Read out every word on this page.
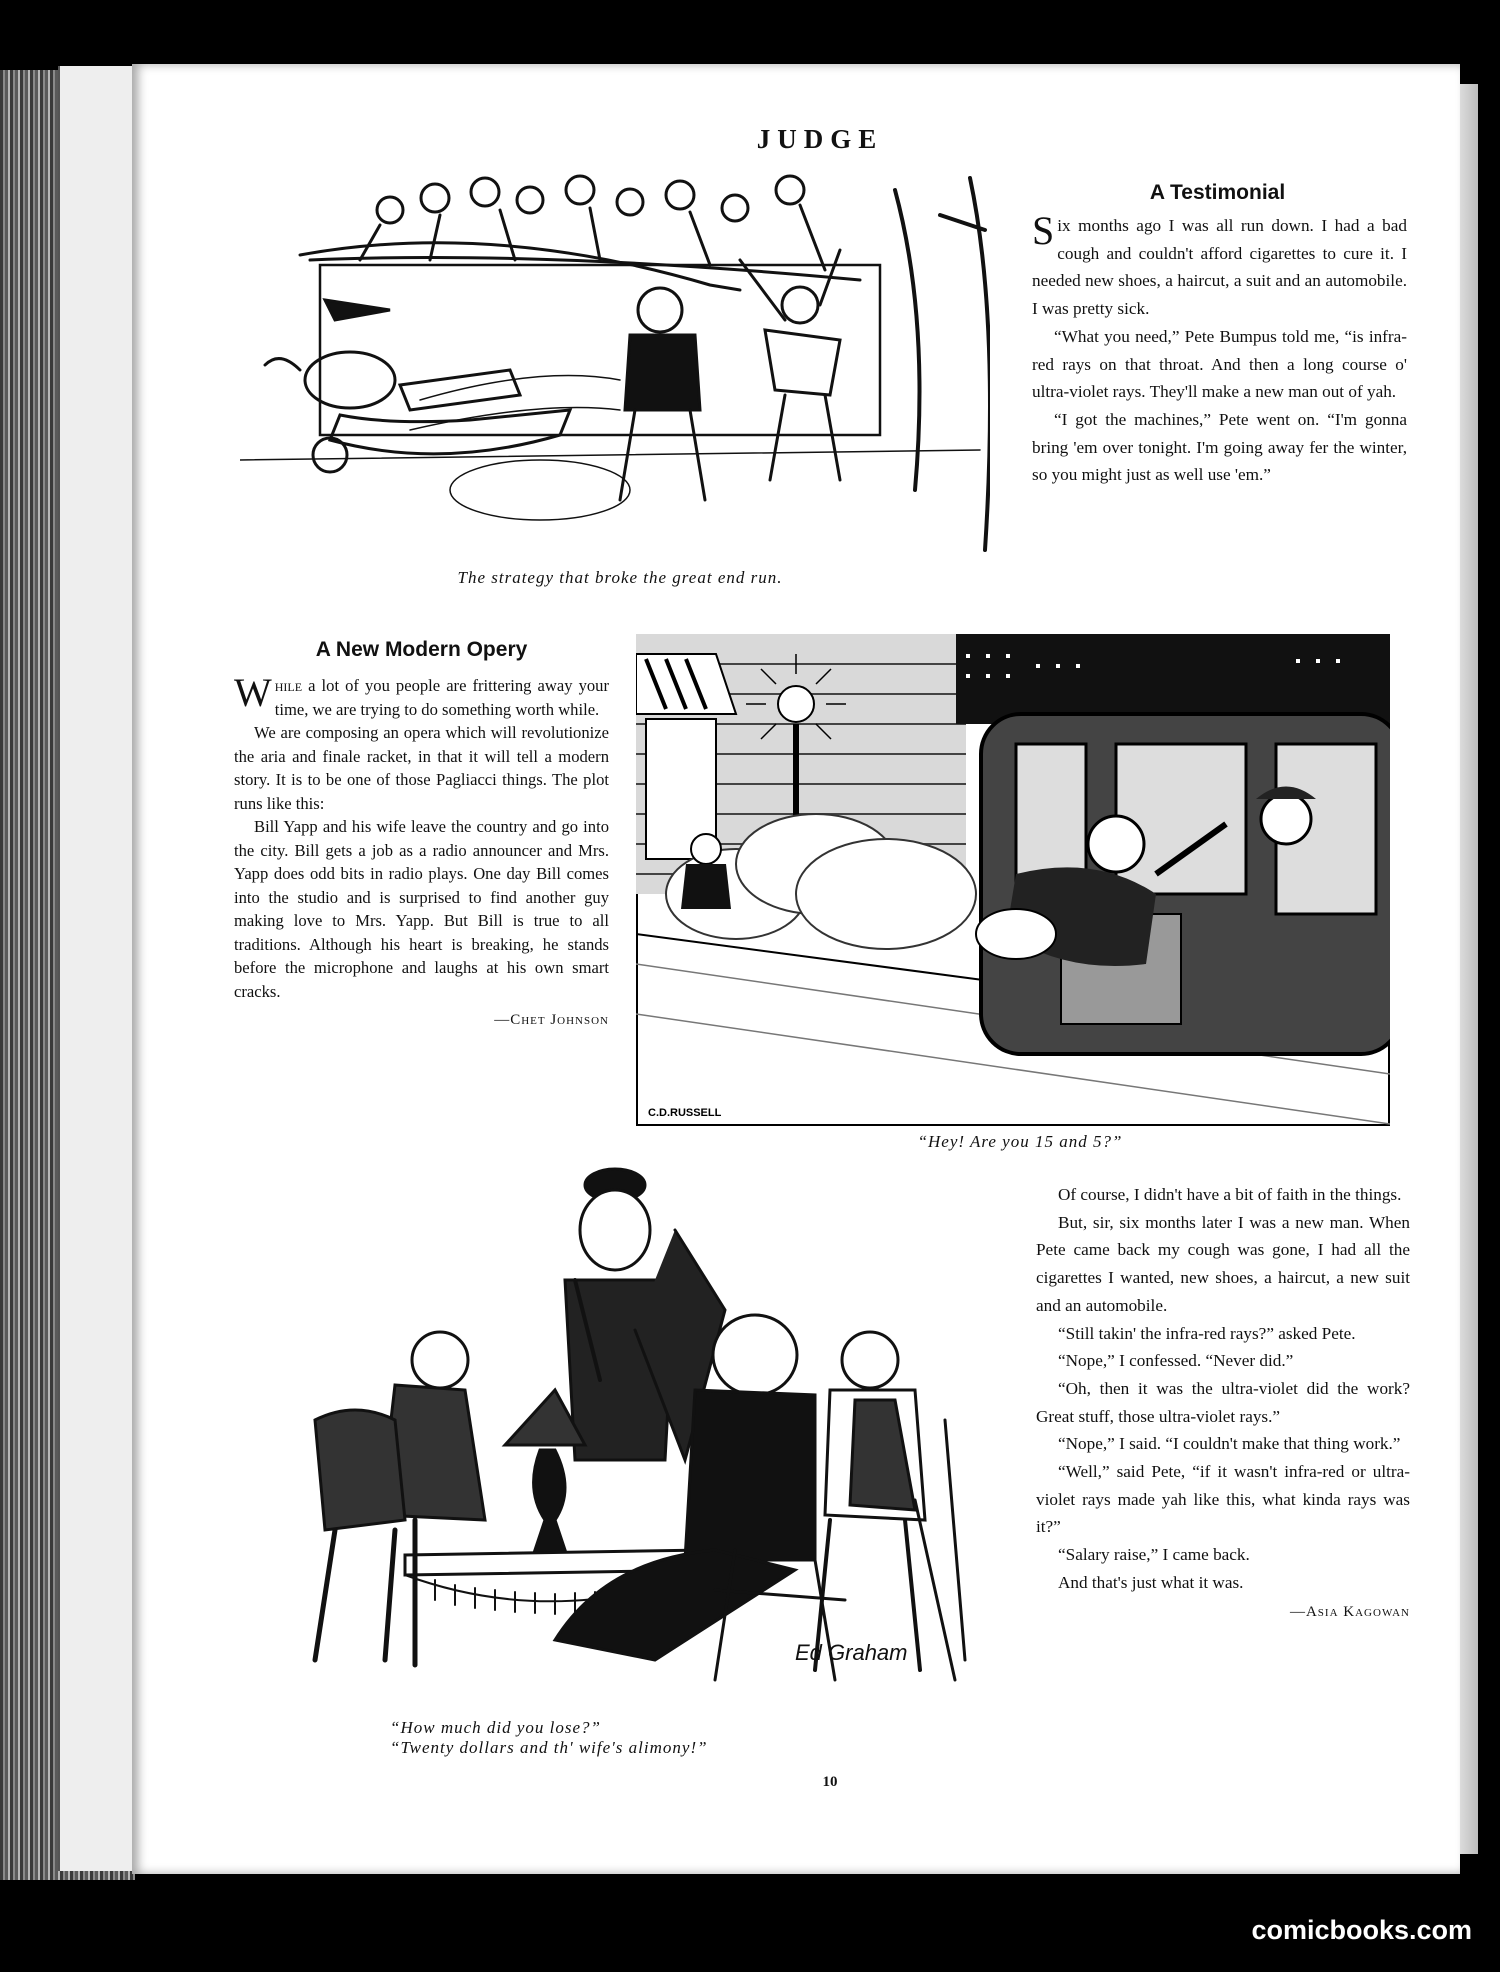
JUDGE
The strategy that broke the great end run.
A Testimonial

Six months ago I was all run down. I had a bad cough and couldn't afford cigarettes to cure it. I needed new shoes, a haircut, a suit and an automobile. I was pretty sick.

“What you need,” Pete Bumpus told me, “is infra-red rays on that throat. And then a long course o' ultra-violet rays. They'll make a new man out of yah.

“I got the machines,” Pete went on. “I'm gonna bring 'em over tonight. I'm going away fer the winter, so you might just as well use 'em.”

A New Modern Opery

While a lot of you people are frittering away your time, we are trying to do something worth while.

We are composing an opera which will revolutionize the aria and finale racket, in that it will tell a modern story. It is to be one of those Pagliacci things. The plot runs like this:

Bill Yapp and his wife leave the country and go into the city. Bill gets a job as a radio announcer and Mrs. Yapp does odd bits in radio plays. One day Bill comes into the studio and is surprised to find another guy making love to Mrs. Yapp. But Bill is true to all traditions. Although his heart is breaking, he stands before the microphone and laughs at his own smart cracks.

—Chet Johnson
C.D.RUSSELL
“Hey! Are you 15 and 5?”
Ed Graham
“How much did you lose?”
“Twenty dollars and th' wife's alimony!”

Of course, I didn't have a bit of faith in the things.

But, sir, six months later I was a new man. When Pete came back my cough was gone, I had all the cigarettes I wanted, new shoes, a haircut, a new suit and an automobile.

“Still takin' the infra-red rays?” asked Pete.

“Nope,” I confessed. “Never did.”

“Oh, then it was the ultra-violet did the work? Great stuff, those ultra-violet rays.”

“Nope,” I said. “I couldn't make that thing work.”

“Well,” said Pete, “if it wasn't infra-red or ultra-violet rays made yah like this, what kinda rays was it?”

“Salary raise,” I came back.

And that's just what it was.

—Asia Kagowan
10
comicbooks.com
